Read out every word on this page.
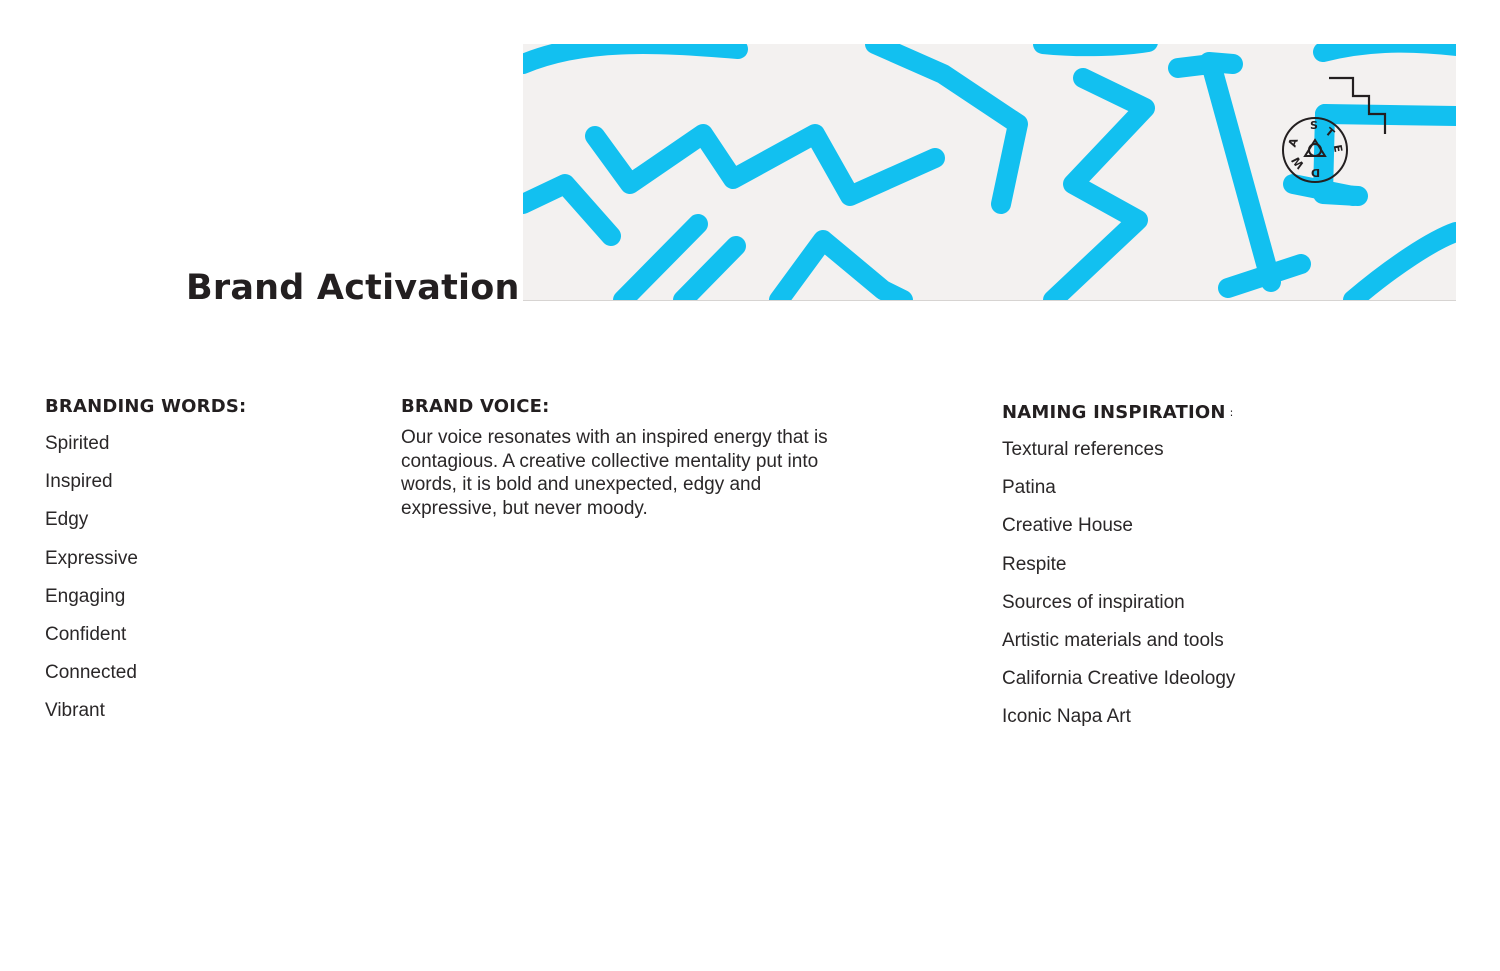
Brand Activation
S T
E
D
W
A
BRANDING WORDS:
Spirited
Inspired
Edgy
Expressive
Engaging
Confident
Connected
Vibrant
BRAND VOICE:

Our voice resonates with an inspired energy that is contagious. A creative collective mentality put into words, it is bold and unexpected, edgy and expressive, but never moody.

NAMING INSPIRATION :
Textural references
Patina
Creative House
Respite
Sources of inspiration
Artistic materials and tools
California Creative Ideology
Iconic Napa Art
